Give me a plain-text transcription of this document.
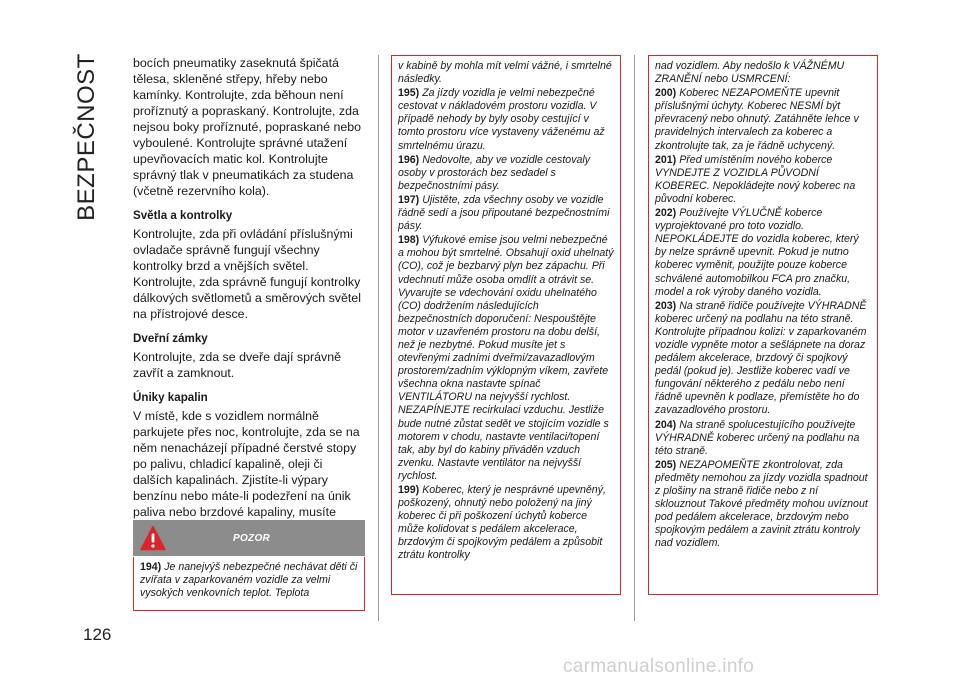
BEZPEČNOST
126

bocích pneumatiky zaseknutá špičatá tělesa, skleněné střepy, hřeby nebo kamínky. Kontrolujte, zda běhoun není proříznutý a popraskaný. Kontrolujte, zda nejsou boky proříznuté, popraskané nebo vyboulené. Kontrolujte správné utažení upevňovacích matic kol. Kontrolujte správný tlak v pneumatikách za studena (včetně rezervního kola).

Světla a kontrolky

Kontrolujte, zda při ovládání příslušnými ovladače správně fungují všechny kontrolky brzd a vnějších světel. Kontrolujte, zda správně fungují kontrolky dálkových světlometů a směrových světel na přístrojové desce.

Dveřní zámky

Kontrolujte, zda se dveře dají správně zavřít a zamknout.

Úniky kapalin

V místě, kde s vozidlem normálně parkujete přes noc, kontrolujte, zda se na něm nenacházejí případné čerstvé stopy po palivu, chladicí kapalině, oleji či dalších kapalinách. Zjistíte-li výpary benzínu nebo máte-li podezření na únik paliva nebo brzdové kapaliny, musíte

POZOR

194) Je nanejvýš nebezpečné nechávat děti či zvířata v zaparkovaném vozidle za velmi vysokých venkovních teplot. Teplota

v kabině by mohla mít velmi vážné, i smrtelné následky.

195) Za jízdy vozidla je velmi nebezpečné cestovat v nákladovém prostoru vozidla. V případě nehody by byly osoby cestující v tomto prostoru více vystaveny váženému až smrtelnému úrazu.

196) Nedovolte, aby ve vozidle cestovaly osoby v prostorách bez sedadel s bezpečnostními pásy.

197) Ujistěte, zda všechny osoby ve vozidle řádně sedí a jsou připoutané bezpečnostními pásy.

198) Výfukové emise jsou velmi nebezpečné a mohou být smrtelné. Obsahují oxid uhelnatý (CO), což je bezbarvý plyn bez zápachu. Při vdechnutí může osoba omdlít a otrávit se. Vyvarujte se vdechování oxidu uhelnatého (CO) dodržením následujících bezpečnostních doporučení: Nespouštějte motor v uzavřeném prostoru na dobu delší, než je nezbytné. Pokud musíte jet s otevřenými zadními dveřmi/zavazadlovým prostorem/zadním výklopným víkem, zavřete všechna okna nastavte spínač VENTILÁTORU na nejvyšší rychlost. NEZAPÍNEJTE recirkulaci vzduchu. Jestliže bude nutné zůstat sedět ve stojícím vozidle s motorem v chodu, nastavte ventilaci/topení tak, aby byl do kabiny přiváděn vzduch zvenku. Nastavte ventilátor na nejvyšší rychlost.

199) Koberec, který je nesprávné upevněný, poškozený, ohnutý nebo položený na jiný koberec či při poškození úchytů koberce může kolidovat s pedálem akcelerace, brzdovým či spojkovým pedálem a způsobit ztrátu kontrolky

nad vozidlem. Aby nedošlo k VÁŽNÉMU ZRANĚNÍ nebo USMRCENÍ:

200) Koberec NEZAPOMEŇTE upevnit příslušnými úchyty. Koberec NESMÍ být převracený nebo ohnutý. Zatáhněte lehce v pravidelných intervalech za koberec a zkontrolujte tak, za je řádně uchycený.

201) Před umístěním nového koberce VYNDEJTE Z VOZIDLA PŮVODNÍ KOBEREC. Nepokládejte nový koberec na původní koberec.

202) Používejte VÝLUČNĚ koberce vyprojektované pro toto vozidlo. NEPOKLÁDEJTE do vozidla koberec, který by nelze správně upevnit. Pokud je nutno koberec vyměnit, použijte pouze koberce schválené automobilkou FCA pro značku, model a rok výroby daného vozidla.

203) Na straně řidiče používejte VÝHRADNĚ koberec určený na podlahu na této straně. Kontrolujte případnou kolizi: v zaparkovaném vozidle vypněte motor a sešlápnete na doraz pedálem akcelerace, brzdový či spojkový pedál (pokud je). Jestliže koberec vadí ve fungování některého z pedálu nebo není řádně upevněn k podlaze, přemístěte ho do zavazadlového prostoru.

204) Na straně spolucestujícího používejte VÝHRADNĚ koberec určený na podlahu na této straně.

205) NEZAPOMEŇTE zkontrolovat, zda předměty nemohou za jízdy vozidla spadnout z plošiny na straně řidiče nebo z ní sklouznout Takové předměty mohou uvíznout pod pedálem akcelerace, brzdovým nebo spojkovým pedálem a zavinit ztrátu kontroly nad vozidlem.

carmanualsonline.info
